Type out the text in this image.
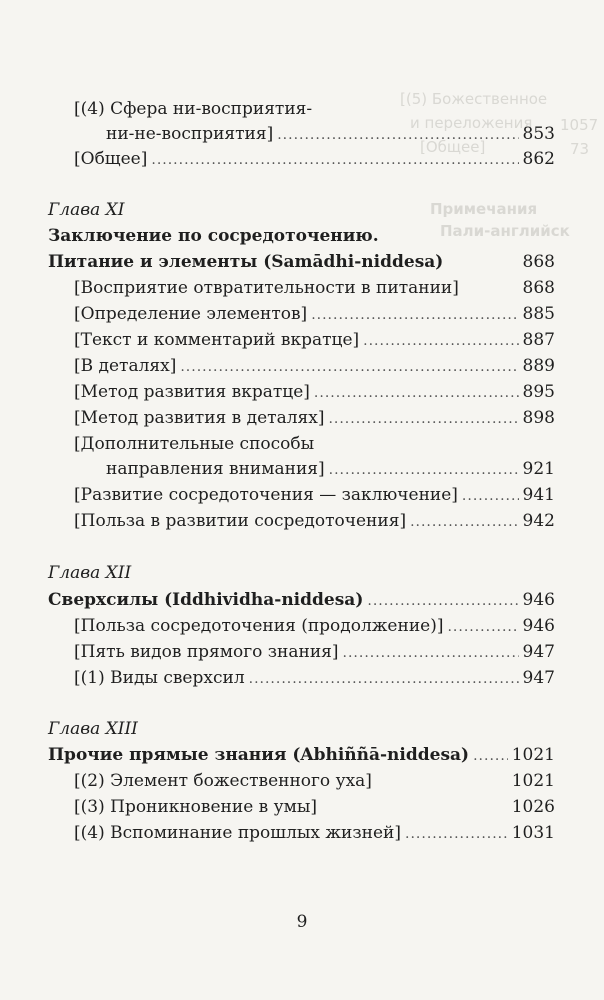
[(5) Божественное
и переложения 1057
[Общее]	73
Примечания
Пали-английск
[(4) Сфера ни-восприятия-
ни-не-восприятия] .....	853
[Общее] .....	862
Глава XI
Заключение по сосредоточению.
Питание и элементы (Samādhi-niddesa)	868
[Восприятие отвратительности в питании]	868
[Определение элементов] .....	885
[Текст и комментарий вкратце] .....	887
[В деталях] .....	889
[Метод развития вкратце] .....	895
[Метод развития в деталях] .....	898
[Дополнительные способы
направления внимания] .....	921
[Развитие сосредоточения — заключение] .....	941
[Польза в развитии сосредоточения] .....	942
Глава XII
Сверхсилы (Iddhividha-niddesa) .....	946
[Польза сосредоточения (продолжение)] .....	946
[Пять видов прямого знания] .....	947
[(1) Виды сверхсил .....	947
Глава XIII
Прочие прямые знания (Abhiññā-niddesa) .....	1021
[(2) Элемент божественного уха]	1021
[(3) Проникновение в умы]	1026
[(4) Вспоминание прошлых жизней] .....	1031
9
